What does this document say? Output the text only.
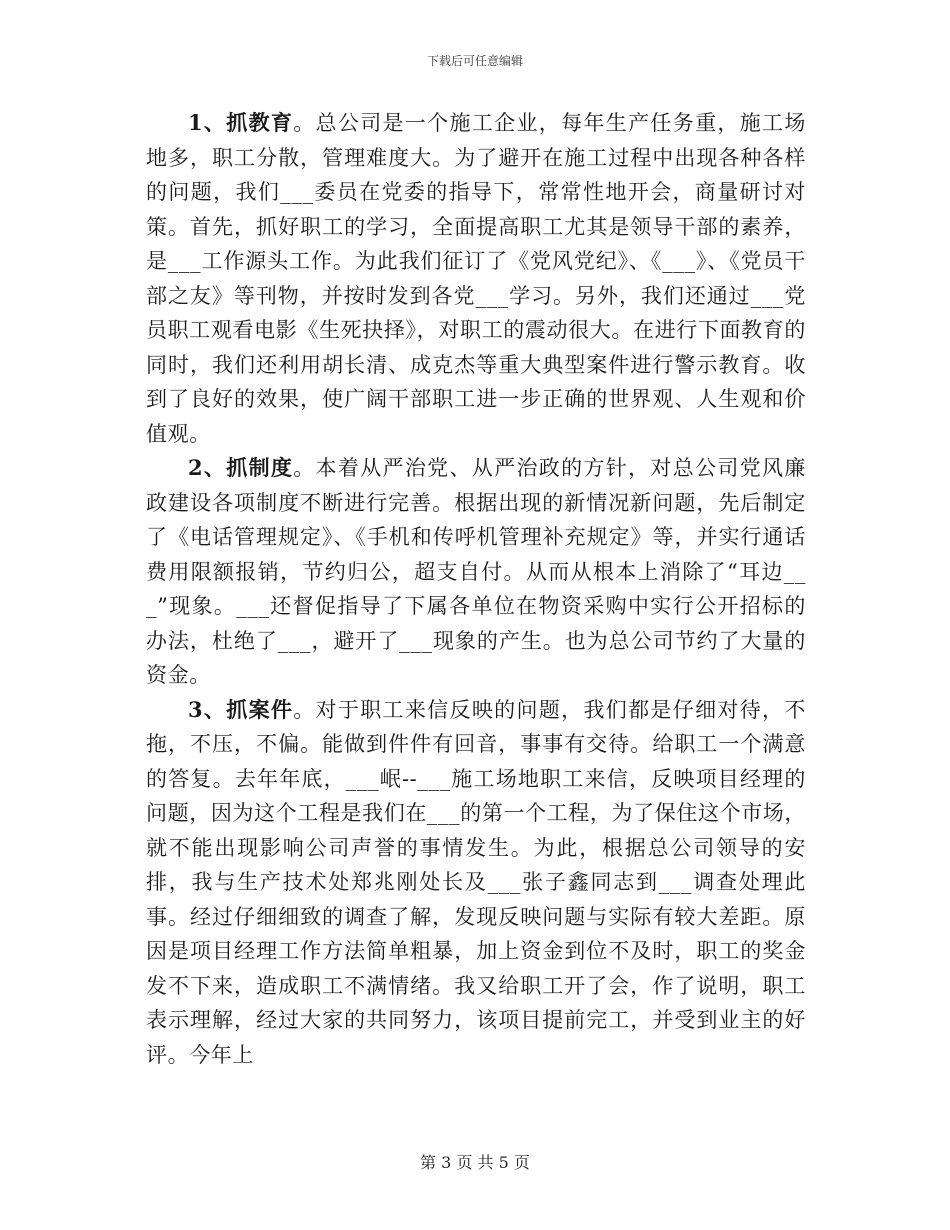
下载后可任意编辑

1、抓教育。总公司是一个施工企业，每年生产任务重，施工场地多，职工分散，管理难度大。为了避开在施工过程中出现各种各样的问题，我们___委员在党委的指导下，常常性地开会，商量研讨对策。首先，抓好职工的学习，全面提高职工尤其是领导干部的素养，是___工作源头工作。为此我们征订了《党风党纪》、《___》、《党员干部之友》等刊物，并按时发到各党___学习。另外，我们还通过___党员职工观看电影《生死抉择》，对职工的震动很大。在进行下面教育的同时，我们还利用胡长清、成克杰等重大典型案件进行警示教育。收到了良好的效果，使广阔干部职工进一步正确的世界观、人生观和价值观。

2、抓制度。本着从严治党、从严治政的方针，对总公司党风廉政建设各项制度不断进行完善。根据出现的新情况新问题，先后制定了《电话管理规定》、《手机和传呼机管理补充规定》等，并实行通话费用限额报销，节约归公，超支自付。从而从根本上消除了“耳边___”现象。___还督促指导了下属各单位在物资采购中实行公开招标的办法，杜绝了___，避开了___现象的产生。也为总公司节约了大量的资金。

3、抓案件。对于职工来信反映的问题，我们都是仔细对待，不拖，不压，不偏。能做到件件有回音，事事有交待。给职工一个满意的答复。去年年底，___岷--___施工场地职工来信，反映项目经理的问题，因为这个工程是我们在___的第一个工程，为了保住这个市场，就不能出现影响公司声誉的事情发生。为此，根据总公司领导的安排，我与生产技术处郑兆刚处长及___张子鑫同志到___调查处理此事。经过仔细细致的调查了解，发现反映问题与实际有较大差距。原因是项目经理工作方法简单粗暴，加上资金到位不及时，职工的奖金发不下来，造成职工不满情绪。我又给职工开了会，作了说明，职工表示理解，经过大家的共同努力，该项目提前完工，并受到业主的好评。今年上

第 3 页 共 5 页
